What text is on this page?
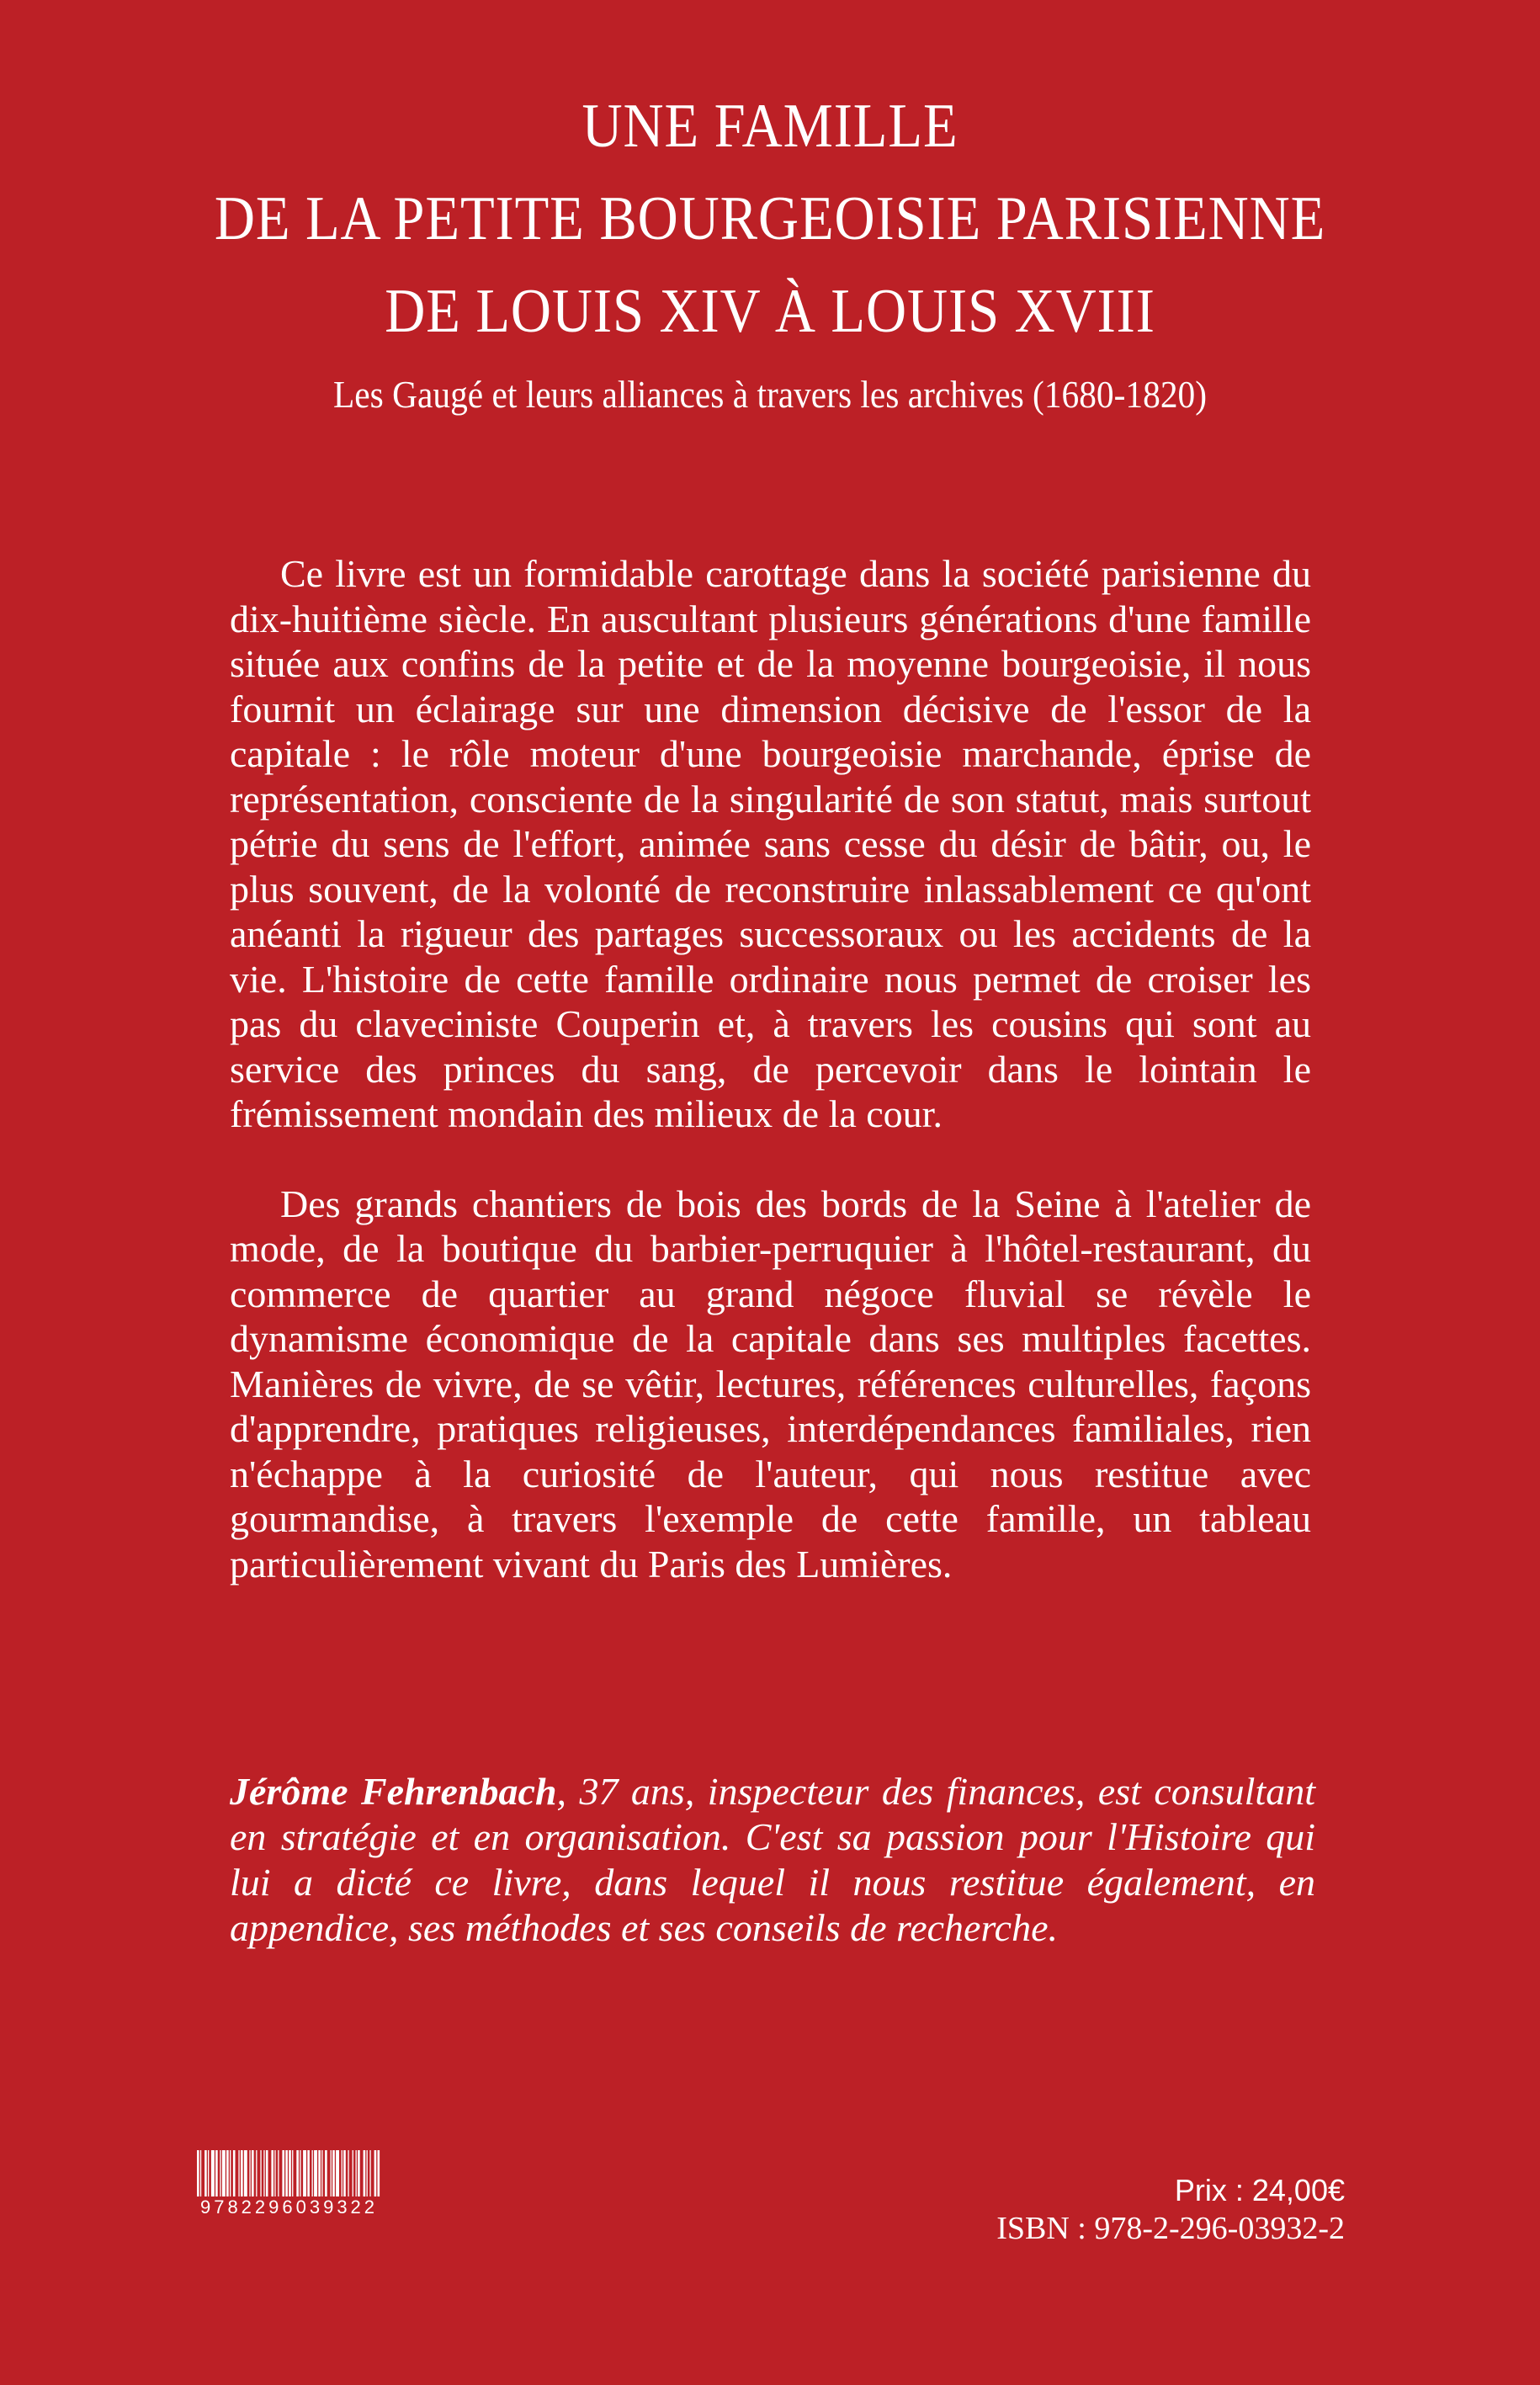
UNE FAMILLE
DE LA PETITE BOURGEOISIE PARISIENNE
DE LOUIS XIV À LOUIS XVIII
Les Gaugé et leurs alliances à travers les archives (1680-1820)

Ce livre est un formidable carottage dans la société parisienne du dix-huitième siècle. En auscultant plusieurs générations d'une famille située aux confins de la petite et de la moyenne bourgeoisie, il nous fournit un éclairage sur une dimension décisive de l'essor de la capitale : le rôle moteur d'une bourgeoisie marchande, éprise de représentation, consciente de la singularité de son statut, mais surtout pétrie du sens de l'effort, animée sans cesse du désir de bâtir, ou, le plus souvent, de la volonté de reconstruire inlassablement ce qu'ont anéanti la rigueur des partages successoraux ou les accidents de la vie. L'histoire de cette famille ordinaire nous permet de croiser les pas du claveciniste Couperin et, à travers les cousins qui sont au service des princes du sang, de percevoir dans le lointain le frémissement mondain des milieux de la cour.

Des grands chantiers de bois des bords de la Seine à l'atelier de mode, de la boutique du barbier-perruquier à l'hôtel-restaurant, du commerce de quartier au grand négoce fluvial se révèle le dynamisme économique de la capitale dans ses multiples facettes. Manières de vivre, de se vêtir, lectures, références culturelles, façons d'apprendre, pratiques religieuses, interdépendances familiales, rien n'échappe à la curiosité de l'auteur, qui nous restitue avec gourmandise, à travers l'exemple de cette famille, un tableau particulièrement vivant du Paris des Lumières.

Jérôme Fehrenbach, 37 ans, inspecteur des finances, est consultant en stratégie et en organisation. C'est sa passion pour l'Histoire qui lui a dicté ce livre, dans lequel il nous restitue également, en appendice, ses méthodes et ses conseils de recherche.
9782296039322	Prix : 24,00€
ISBN : 978-2-296-03932-2
